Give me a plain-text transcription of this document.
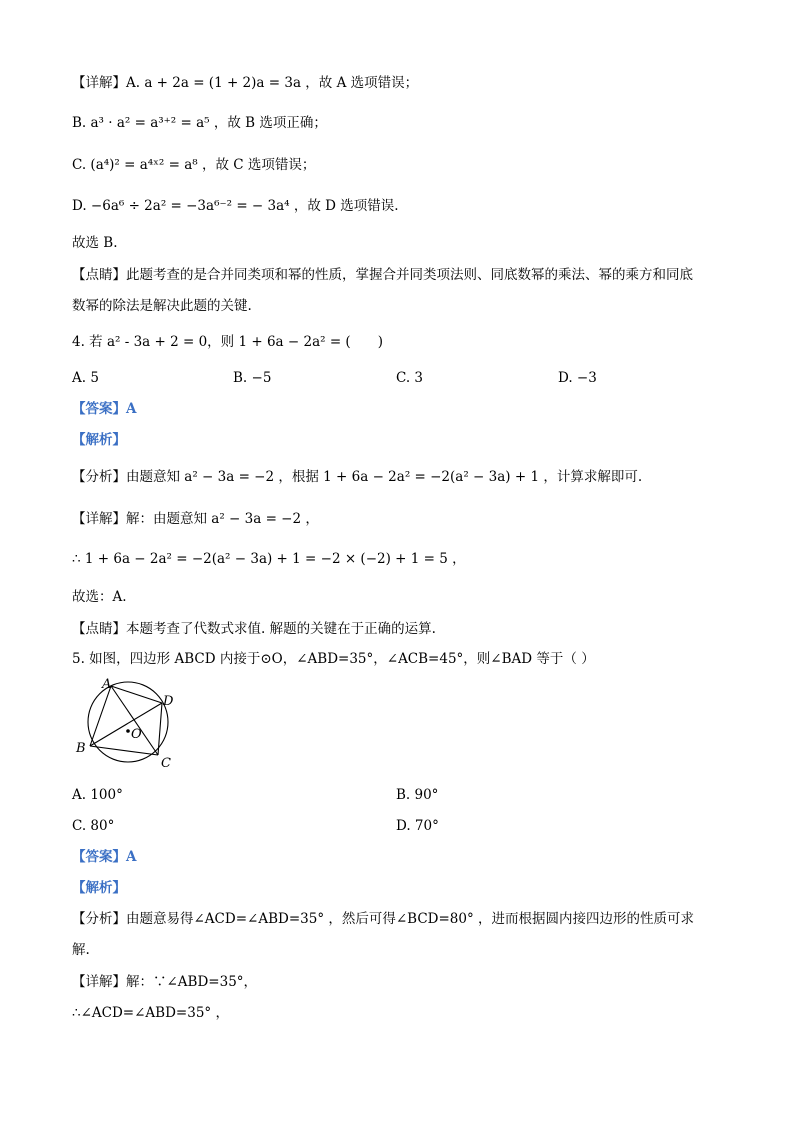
【详解】A. a + 2a = (1 + 2)a = 3a ，故 A 选项错误；
B. a³ · a² = a³⁺² = a⁵ ，故 B 选项正确；
C. (a⁴)² = a⁴ˣ² = a⁸ ，故 C 选项错误；
D. −6a⁶ ÷ 2a² = −3a⁶⁻² = − 3a⁴ ，故 D 选项错误.
故选 B.
【点睛】此题考查的是合并同类项和幂的性质，掌握合并同类项法则、同底数幂的乘法、幂的乘方和同底
数幂的除法是解决此题的关键.
4. 若 a² - 3a + 2 = 0，则 1 + 6a − 2a² = (　　)
A. 5	B. −5	C. 3	D. −3
【答案】A
【解析】
【分析】由题意知 a² − 3a = −2 ，根据 1 + 6a − 2a² = −2(a² − 3a) + 1 ，计算求解即可.
【详解】解：由题意知 a² − 3a = −2 ，
∴ 1 + 6a − 2a² = −2(a² − 3a) + 1 = −2 × (−2) + 1 = 5 ，
故选：A.
【点睛】本题考查了代数式求值. 解题的关键在于正确的运算.
5. 如图，四边形 ABCD 内接于⊙O，∠ABD=35°，∠ACB=45°，则∠BAD 等于（ ）
A
D
B
C
O
A. 100°	B. 90°
C. 80°	D. 70°
【答案】A
【解析】
【分析】由题意易得∠ACD=∠ABD=35° ，然后可得∠BCD=80° ，进而根据圆内接四边形的性质可求
解.
【详解】解：∵∠ABD=35°，
∴∠ACD=∠ABD=35° ，
